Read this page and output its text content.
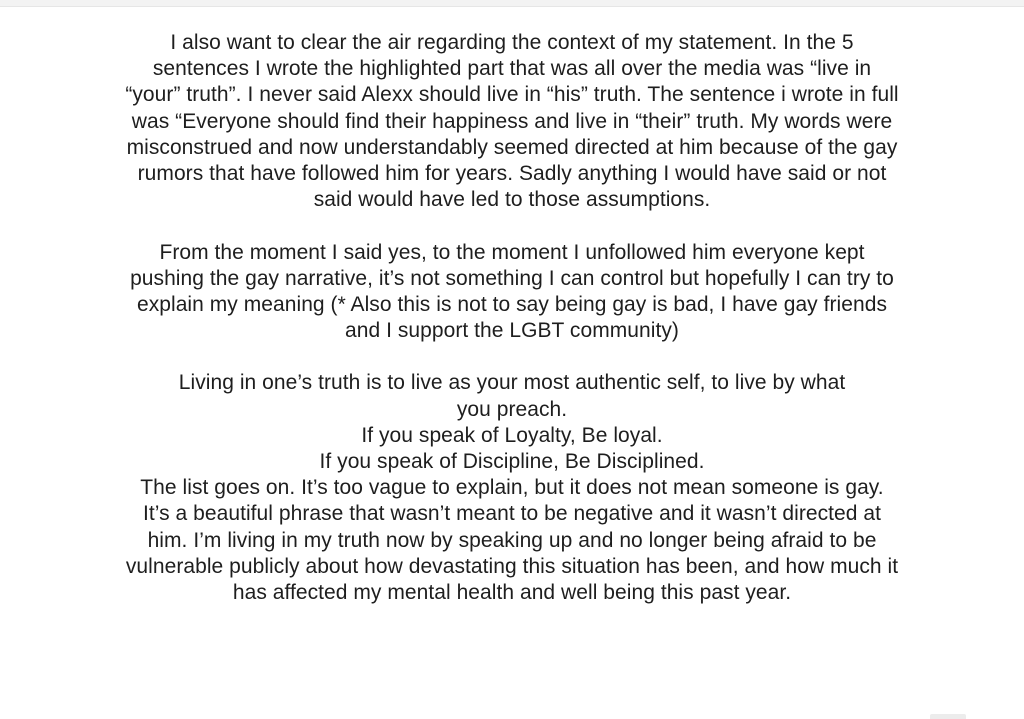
I also want to clear the air regarding the context of my statement. In the 5
sentences I wrote the highlighted part that was all over the media was “live in
“your” truth”. I never said Alexx should live in “his” truth. The sentence i wrote in full
was “Everyone should find their happiness and live in “their” truth. My words were
misconstrued and now understandably seemed directed at him because of the gay
rumors that have followed him for years. Sadly anything I would have said or not
said would have led to those assumptions.
From the moment I said yes, to the moment I unfollowed him everyone kept
pushing the gay narrative, it’s not something I can control but hopefully I can try to
explain my meaning (* Also this is not to say being gay is bad, I have gay friends
and I support the LGBT community)
Living in one’s truth is to live as your most authentic self, to live by what
you preach.
If you speak of Loyalty, Be loyal.
If you speak of Discipline, Be Disciplined.
The list goes on. It’s too vague to explain, but it does not mean someone is gay.
It’s a beautiful phrase that wasn’t meant to be negative and it wasn’t directed at
him. I’m living in my truth now by speaking up and no longer being afraid to be
vulnerable publicly about how devastating this situation has been, and how much it
has affected my mental health and well being this past year.
